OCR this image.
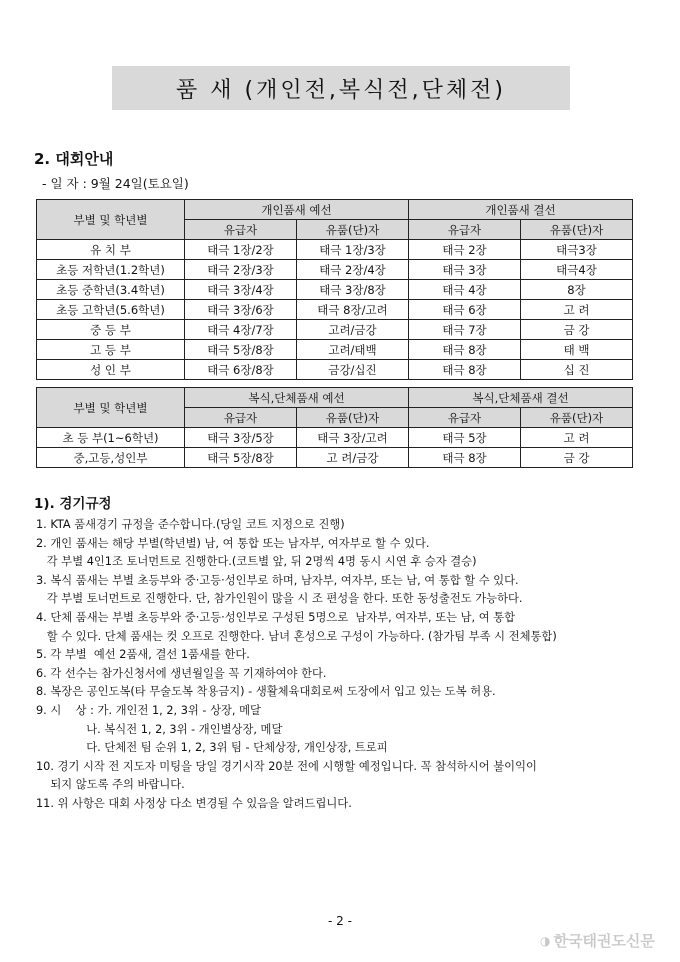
품 새 (개인전,복식전,단체전)
2. 대회안내
- 일 자 : 9월 24일(토요일)
부별 및 학년별	개인품새 예선		개인품새 결선	
	유급자	유품(단)자	유급자	유품(단)자
유 치 부	태극 1장/2장	태극 1장/3장	태극 2장	태극3장
초등 저학년(1.2학년)	태극 2장/3장	태극 2장/4장	태극 3장	태극4장
초등 중학년(3.4학년)	태극 3장/4장	태극 3장/8장	태극 4장	8장
초등 고학년(5.6학년)	태극 3장/6장	태극 8장/고려	태극 6장	고 려
중 등 부	태극 4장/7장	고려/금강	태극 7장	금 강
고 등 부	태극 5장/8장	고려/태백	태극 8장	태 백
성 인 부	태극 6장/8장	금강/십진	태극 8장	십 진
부별 및 학년별	복식,단체품새 예선		복식,단체품새 결선	
	유급자	유품(단)자	유급자	유품(단)자
초 등 부(1~6학년)	태극 3장/5장	태극 3장/고려	태극 5장	고 려
중,고등,성인부	태극 5장/8장	고 려/금강	태극 8장	금 강
1). 경기규정

1. KTA 품새경기 규정을 준수합니다.(당일 코트 지정으로 진행)

2. 개인 품새는 해당 부별(학년별) 남, 여 통합 또는 남자부, 여자부로 할 수 있다.

각 부별 4인1조 토너먼트로 진행한다.(코트별 앞, 뒤 2명씩 4명 동시 시연 후 승자 결승)

3. 복식 품새는 부별 초등부와 중·고등·성인부로 하며, 남자부, 여자부, 또는 남, 여 통합 할 수 있다.

각 부별 토너먼트로 진행한다. 단, 참가인원이 많을 시 조 편성을 한다. 또한 동성출전도 가능하다.

4. 단체 품새는 부별 초등부와 중·고등·성인부로 구성된 5명으로  남자부, 여자부, 또는 남, 여 통합

할 수 있다. 단체 품새는 컷 오프로 진행한다. 남녀 혼성으로 구성이 가능하다. (참가팀 부족 시 전체통합)

5. 각 부별  예선 2품새, 결선 1품새를 한다.

6. 각 선수는 참가신청서에 생년월일을 꼭 기재하여야 한다.

8. 복장은 공인도복(타 무술도복 착용금지) - 생활체육대회로써 도장에서 입고 있는 도복 허용.

9. 시    상 : 가. 개인전 1, 2, 3위 - 상장, 메달

나. 복식전 1, 2, 3위 - 개인별상장, 메달

다. 단체전 팀 순위 1, 2, 3위 팀 - 단체상장, 개인상장, 트로피

10. 경기 시작 전 지도자 미팅을 당일 경기시작 20분 전에 시행할 예정입니다. 꼭 참석하시어 불이익이

되지 않도록 주의 바랍니다.

11. 위 사항은 대회 사정상 다소 변경될 수 있음을 알려드립니다.

- 2 -
◑ 한국태권도신문
